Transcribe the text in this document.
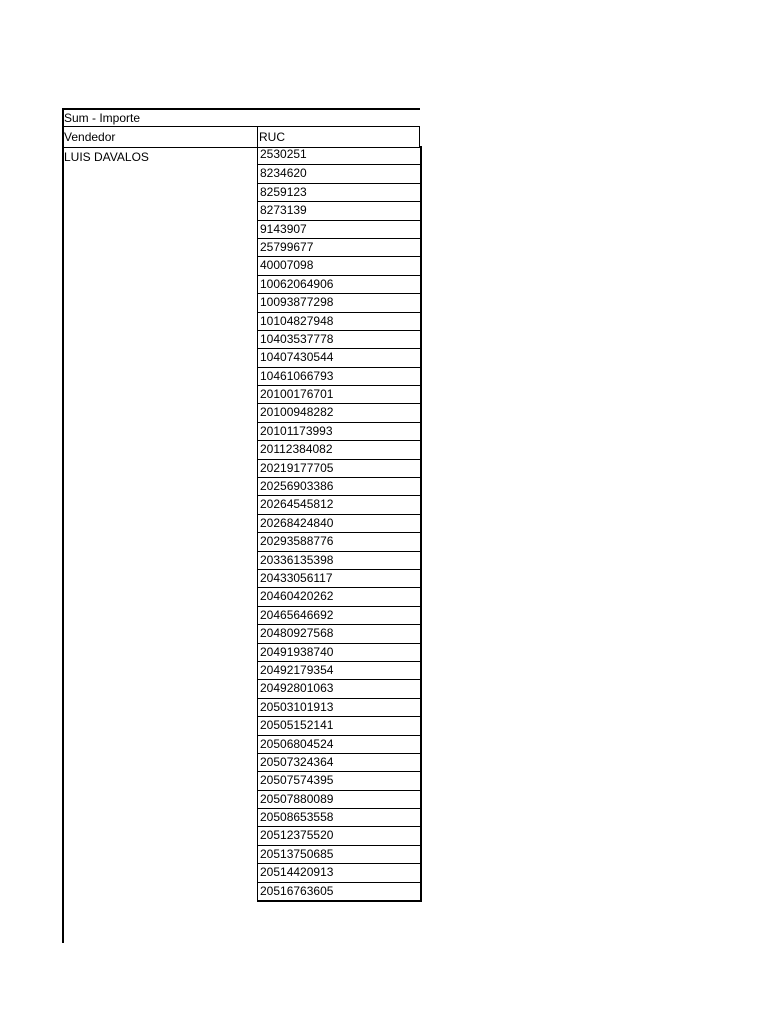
Sum - Importe
Vendedor	RUC
LUIS DAVALOS	2530251
8234620
8259123
8273139
9143907
25799677
40007098
10062064906
10093877298
10104827948
10403537778
10407430544
10461066793
20100176701
20100948282
20101173993
20112384082
20219177705
20256903386
20264545812
20268424840
20293588776
20336135398
20433056117
20460420262
20465646692
20480927568
20491938740
20492179354
20492801063
20503101913
20505152141
20506804524
20507324364
20507574395
20507880089
20508653558
20512375520
20513750685
20514420913
20516763605
